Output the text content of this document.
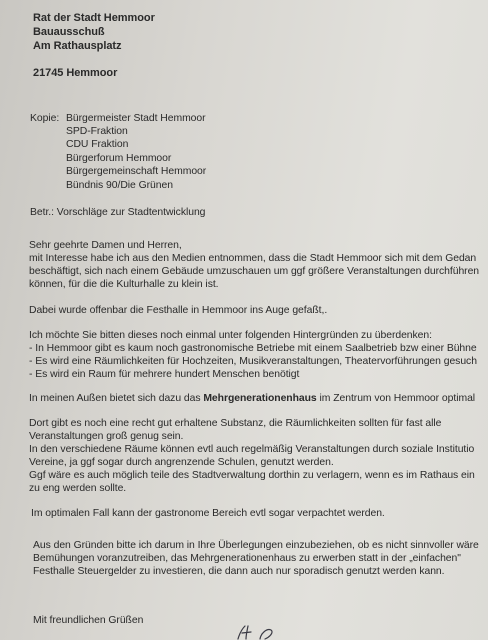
Rat der Stadt Hemmoor
Bauausschuß
Am Rathausplatz
21745 Hemmoor
Kopie: Bürgermeister Stadt Hemmoor
SPD-Fraktion
CDU Fraktion
Bürgerforum Hemmoor
Bürgergemeinschaft Hemmoor
Bündnis 90/Die Grünen
Betr.: Vorschläge zur Stadtentwicklung
Sehr geehrte Damen und Herren,
mit Interesse habe ich aus den Medien entnommen, dass die Stadt Hemmoor sich mit dem Gedan
beschäftigt, sich nach einem Gebäude umzuschauen um ggf größere Veranstaltungen durchführen
können, für die die Kulturhalle zu klein ist.
Dabei wurde offenbar die Festhalle in Hemmoor ins Auge gefaßt,.
Ich möchte Sie bitten dieses noch einmal unter folgenden Hintergründen zu überdenken:
- In Hemmoor gibt es kaum noch gastronomische Betriebe mit einem Saalbetrieb bzw einer Bühne
- Es wird eine Räumlichkeiten für Hochzeiten, Musikveranstaltungen, Theatervorführungen gesuch
- Es wird ein Raum für mehrere hundert Menschen benötigt
In meinen Außen bietet sich dazu das Mehrgenerationenhaus im Zentrum von Hemmoor optimal
Dort gibt es noch eine recht gut erhaltene Substanz, die Räumlichkeiten sollten für fast alle
Veranstaltungen groß genug sein.
In den verschiedene Räume können evtl auch regelmäßig Veranstaltungen durch soziale Institutio
Vereine, ja ggf sogar durch angrenzende Schulen, genutzt werden.
Ggf wäre es auch möglich teile des Stadtverwaltung dorthin zu verlagern, wenn es im Rathaus ein
zu eng werden sollte.
Im optimalen Fall kann der gastronome Bereich evtl sogar verpachtet werden.
Aus den Gründen bitte ich darum in Ihre Überlegungen einzubeziehen, ob es nicht sinnvoller wäre
Bemühungen voranzutreiben, das Mehrgenerationenhaus zu erwerben statt in der „einfachen"
Festhalle Steuergelder zu investieren, die dann auch nur sporadisch genutzt werden kann.
Mit freundlichen Grüßen
